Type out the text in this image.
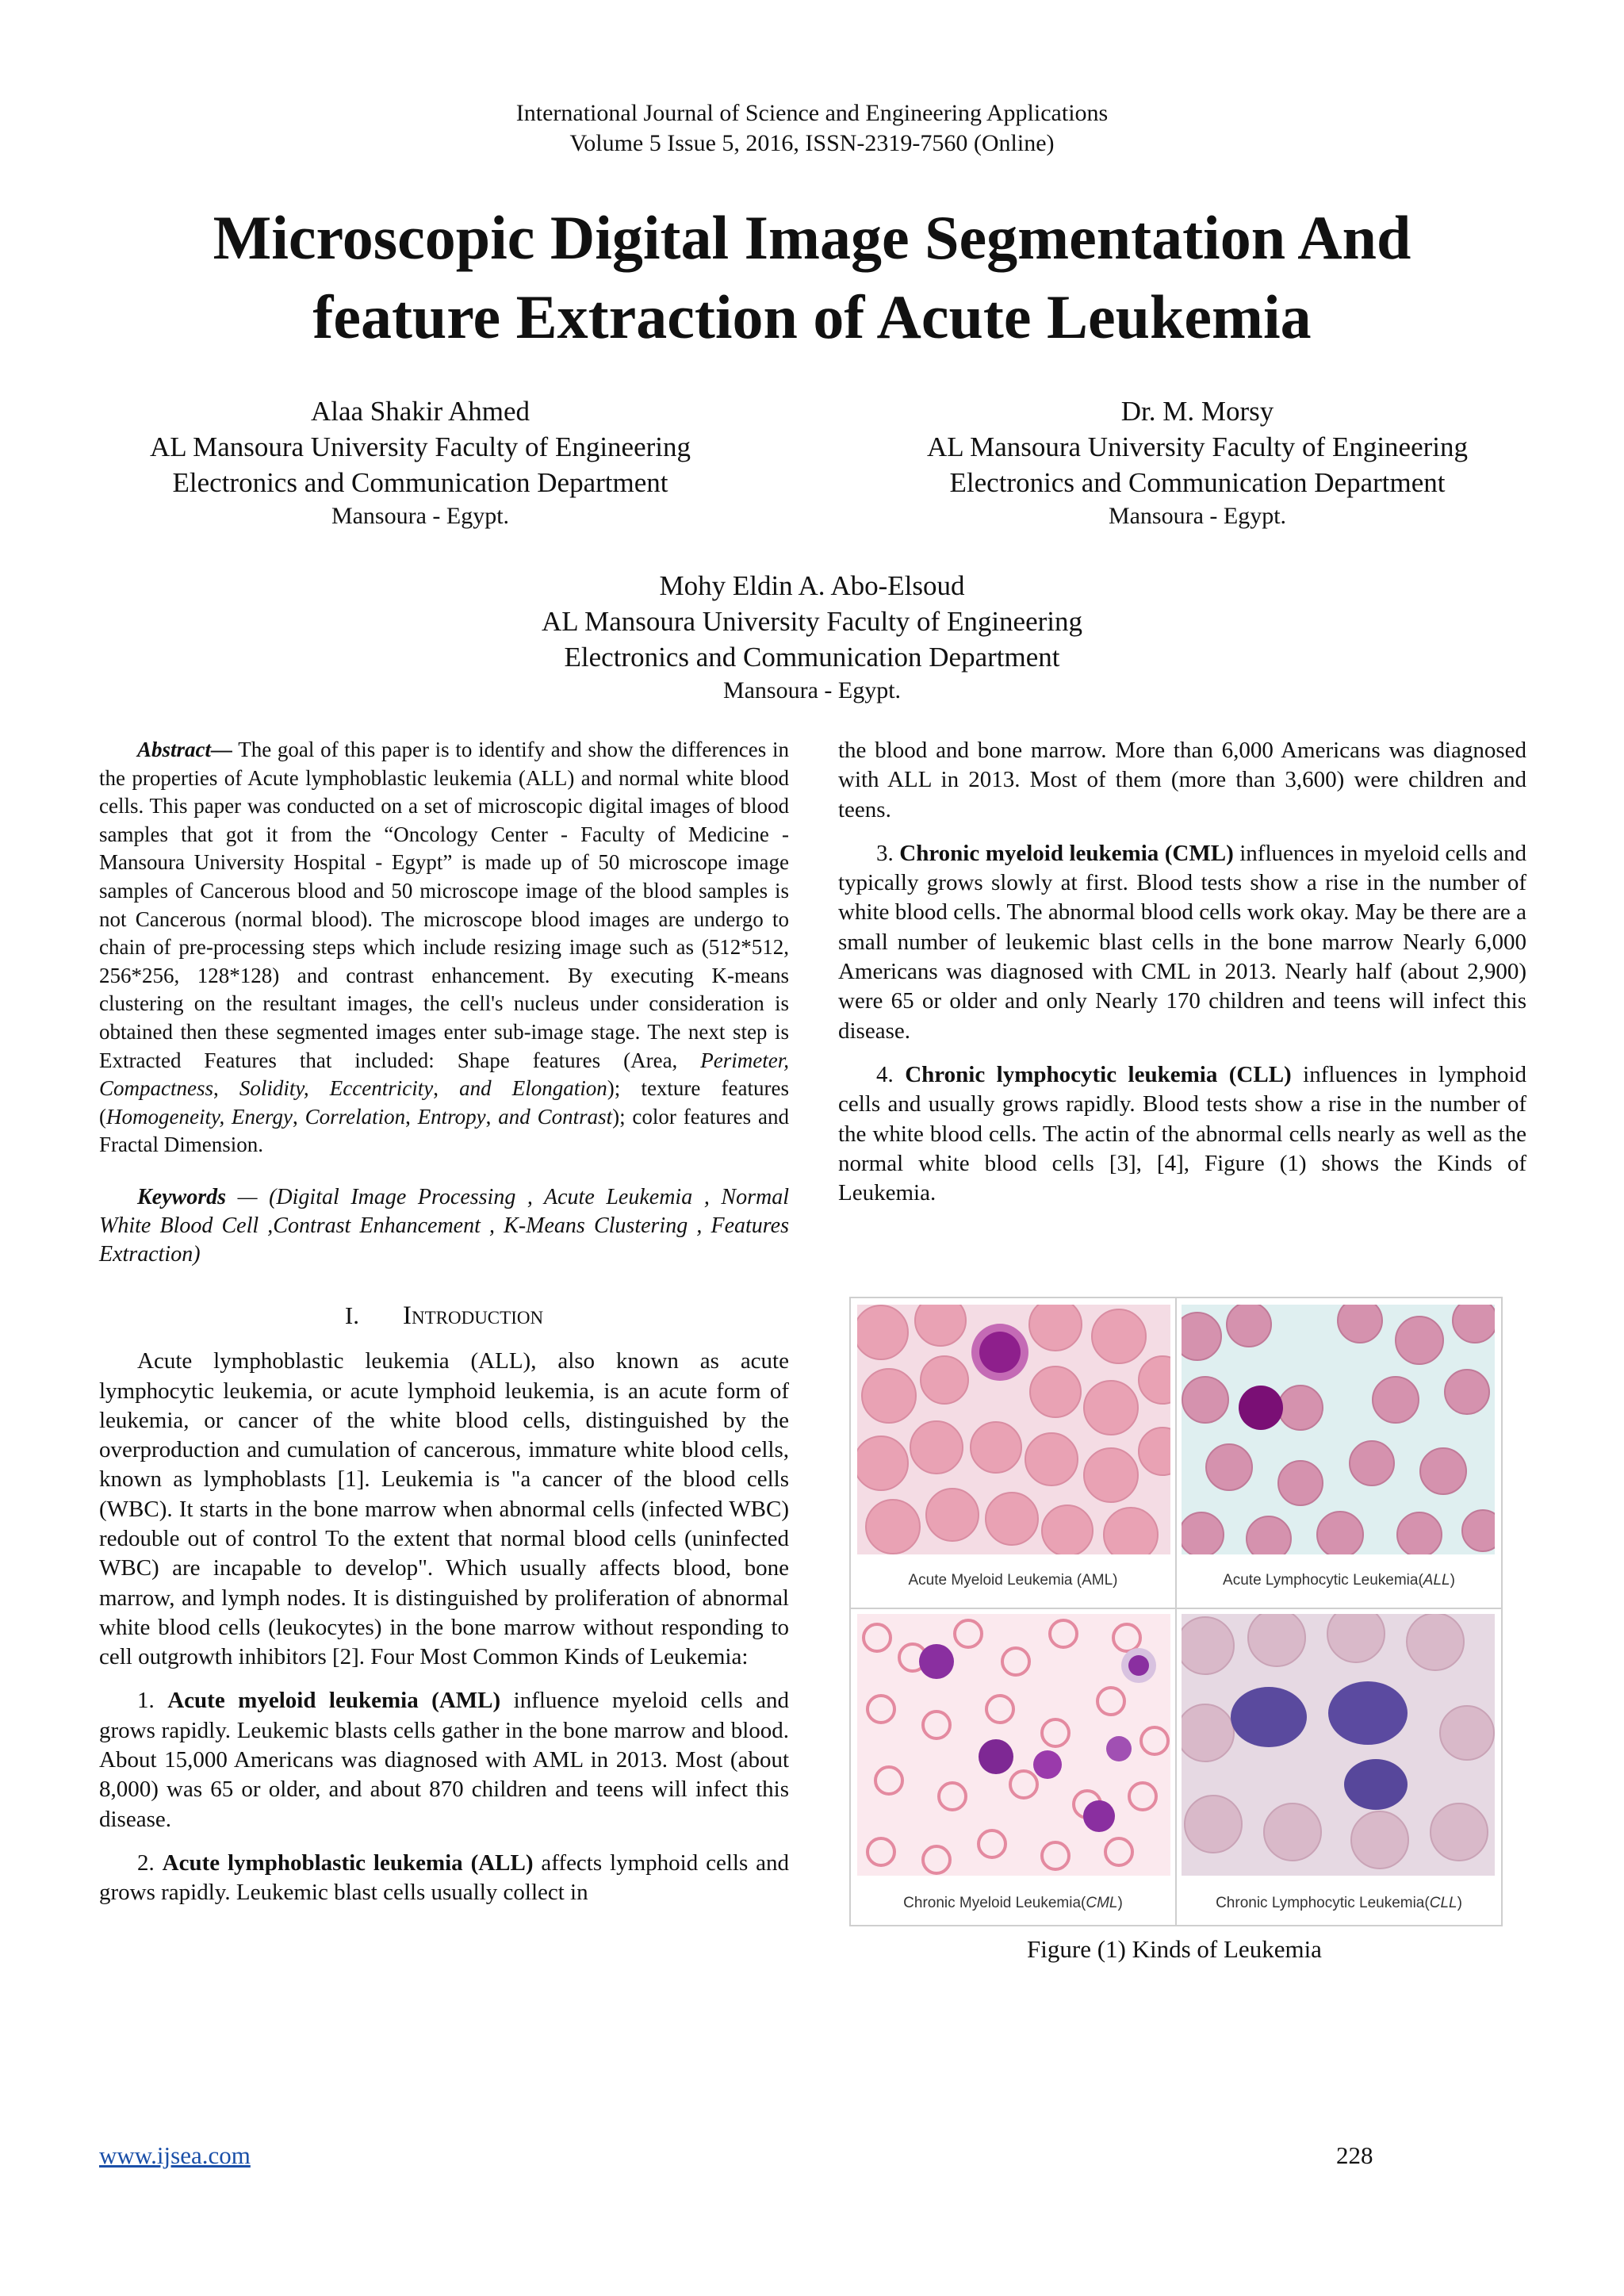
International Journal of Science and Engineering Applications
Volume 5 Issue 5, 2016, ISSN-2319-7560 (Online)
Microscopic Digital Image Segmentation And
feature Extraction of Acute Leukemia
Alaa Shakir Ahmed
AL Mansoura University Faculty of Engineering
Electronics and Communication Department
Mansoura - Egypt.
Dr. M. Morsy
AL Mansoura University Faculty of Engineering
Electronics and Communication Department
Mansoura - Egypt.
Mohy Eldin A. Abo-Elsoud
AL Mansoura University Faculty of Engineering
Electronics and Communication Department
Mansoura - Egypt.

Abstract— The goal of this paper is to identify and show the differences in the properties of Acute lymphoblastic leukemia (ALL) and normal white blood cells. This paper was conducted on a set of microscopic digital images of blood samples that got it from the “Oncology Center - Faculty of Medicine - Mansoura University Hospital - Egypt” is made up of 50 microscope image samples of Cancerous blood and 50 microscope image of the blood samples is not Cancerous (normal blood). The microscope blood images are undergo to chain of pre-processing steps which include resizing image such as (512*512, 256*256, 128*128) and contrast enhancement. By executing K-means clustering on the resultant images, the cell's nucleus under consideration is obtained then these segmented images enter sub-image stage. The next step is Extracted Features that included: Shape features (Area, Perimeter, Compactness, Solidity, Eccentricity, and Elongation); texture features (Homogeneity, Energy, Correlation, Entropy, and Contrast); color features and Fractal Dimension.

Keywords — (Digital Image Processing , Acute Leukemia , Normal White Blood Cell ,Contrast Enhancement , K-Means Clustering , Features Extraction)

I. Introduction

Acute lymphoblastic leukemia (ALL), also known as acute lymphocytic leukemia, or acute lymphoid leukemia, is an acute form of leukemia, or cancer of the white blood cells, distinguished by the overproduction and cumulation of cancerous, immature white blood cells, known as lymphoblasts [1]. Leukemia is "a cancer of the blood cells (WBC). It starts in the bone marrow when abnormal cells (infected WBC) redouble out of control To the extent that normal blood cells (uninfected WBC) are incapable to develop". Which usually affects blood, bone marrow, and lymph nodes. It is distinguished by proliferation of abnormal white blood cells (leukocytes) in the bone marrow without responding to cell outgrowth inhibitors [2]. Four Most Common Kinds of Leukemia:

1. Acute myeloid leukemia (AML) influence myeloid cells and grows rapidly. Leukemic blasts cells gather in the bone marrow and blood. About 15,000 Americans was diagnosed with AML in 2013. Most (about 8,000) was 65 or older, and about 870 children and teens will infect this disease.

2. Acute lymphoblastic leukemia (ALL) affects lymphoid cells and grows rapidly. Leukemic blast cells usually collect in

the blood and bone marrow. More than 6,000 Americans was diagnosed with ALL in 2013. Most of them (more than 3,600) were children and teens.

3. Chronic myeloid leukemia (CML) influences in myeloid cells and typically grows slowly at first. Blood tests show a rise in the number of white blood cells. The abnormal blood cells work okay. May be there are a small number of leukemic blast cells in the bone marrow Nearly 6,000 Americans was diagnosed with CML in 2013. Nearly half (about 2,900) were 65 or older and only Nearly 170 children and teens will infect this disease.

4. Chronic lymphocytic leukemia (CLL) influences in lymphoid cells and usually grows rapidly. Blood tests show a rise in the number of the white blood cells. The actin of the abnormal cells nearly as well as the normal white blood cells [3], [4], Figure (1) shows the Kinds of Leukemia.

Acute Myeloid Leukemia (AML)	Acute Lymphocytic Leukemia(ALL)
Chronic Myeloid Leukemia(CML)	Chronic Lymphocytic Leukemia(CLL)
Figure (1) Kinds of Leukemia
www.ijsea.com	228
